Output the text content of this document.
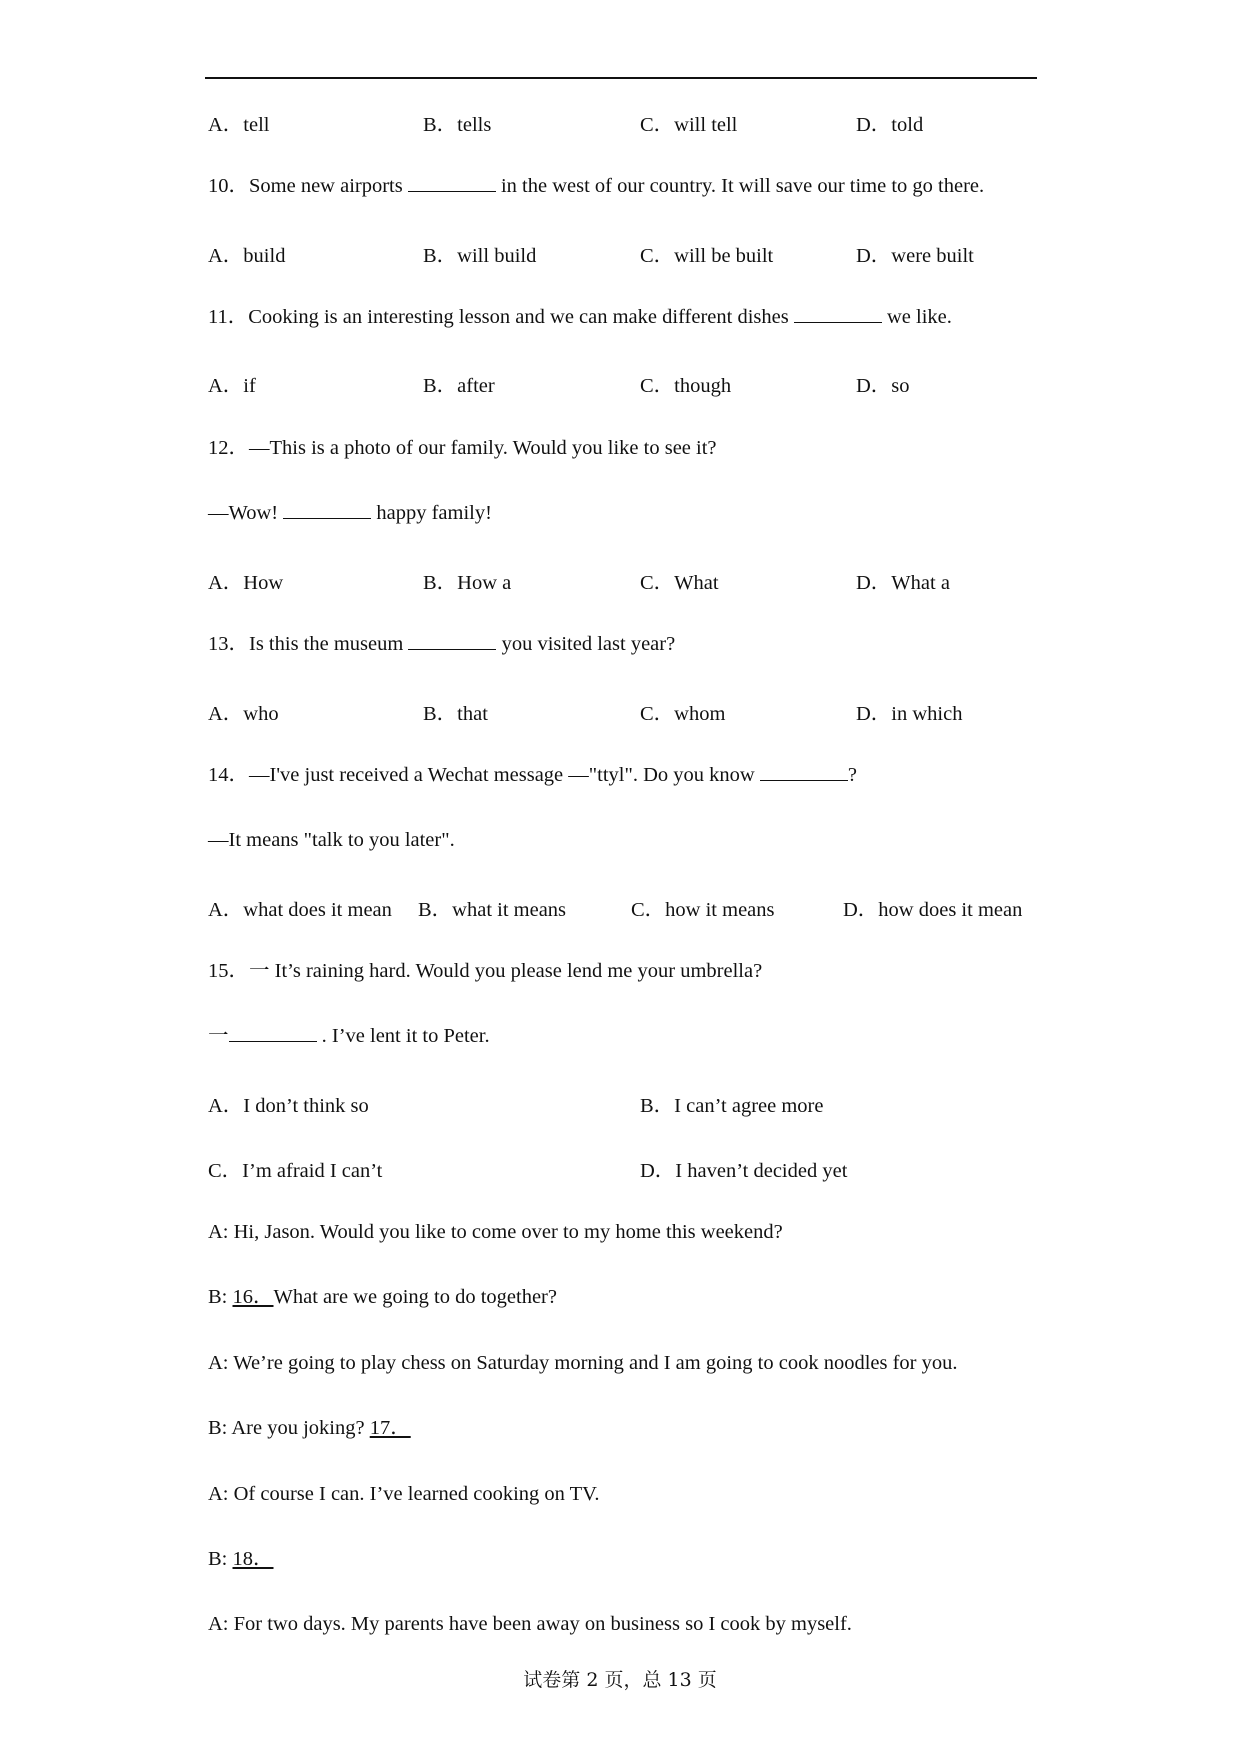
A．tell	B．tells	C．will tell	D．told
10．Some new airports	in the west of our country. It will save our time to go there.
A．build	B．will build	C．will be built	D．were built
11．Cooking is an interesting lesson and we can make different dishes	we like.
A．if	B．after	C．though	D．so
12．—This is a photo of our family. Would you like to see it?
—Wow!	happy family!
A．How	B．How a	C．What	D．What a
13．Is this the museum	you visited last year?
A．who	B．that	C．whom	D．in which
14．—I've just received a Wechat message —"ttyl". Do you know	?
—It means "talk to you later".
A．what does it mean B．what it means	C．how it means	D．how does it mean
15．一 It’s raining hard. Would you please lend me your umbrella?
一	. I’ve lent it to Peter.
A．I don’t think so	B．I can’t agree more
C．I’m afraid I can’t	D．I haven’t decided yet
A: Hi, Jason. Would you like to come over to my home this weekend?
B: 16．What are we going to do together?
A: We’re going to play chess on Saturday morning and I am going to cook noodles for you.
B: Are you joking? 17．
A: Of course I can. I’ve learned cooking on TV.
B: 18．
A: For two days. My parents have been away on business so I cook by myself.
试卷第 2 页，总 13 页
